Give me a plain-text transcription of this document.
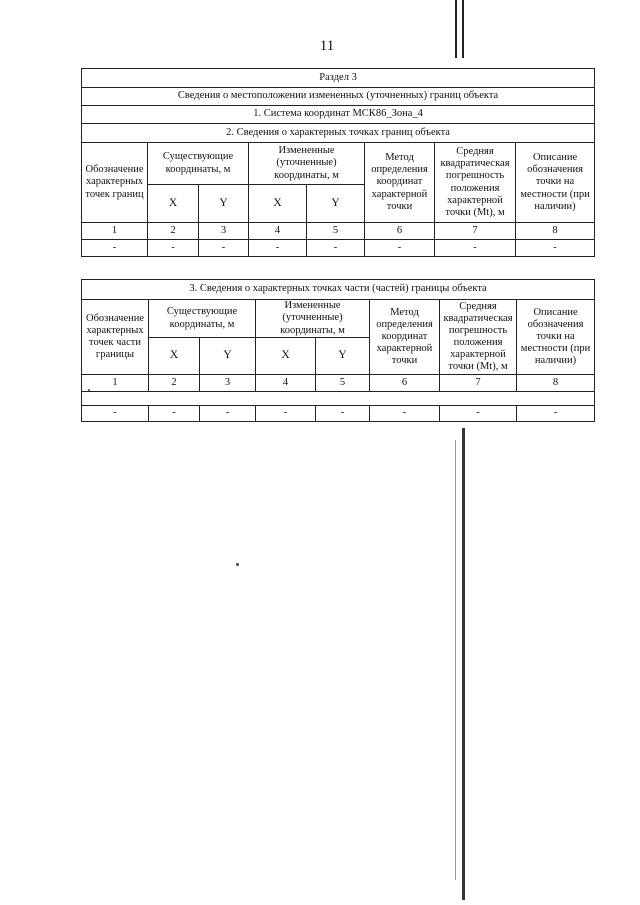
11
Раздел 3							
Сведения о местоположении измененных (уточненных) границ объекта							
1. Система координат МСК86_Зона_4							
2. Сведения о характерных точках границ объекта							
Обозначение характерных точек границ	Существующие координаты, м		Измененные (уточненные) координаты, м		Метод определения координат характерной точки	Средняя квадратическая погрешность положения характерной точки (Mt), м	Описание обозначения точки на местности (при наличии)
	X	Y	X	Y			
1	2	3	4	5	6	7	8
-	-	-	-	-	-	-	-
3. Сведения о характерных точках части (частей) границы объекта							
Обозначение характерных точек части границы	Существующие координаты, м		Измененные (уточненные) координаты, м		Метод определения координат характерной точки	Средняя квадратическая погрешность положения характерной точки (Mt), м	Описание обозначения точки на местности (при наличии)
	X	Y	X	Y			
1	2	3	4	5	6	7	8

-	-	-	-	-	-	-	-
